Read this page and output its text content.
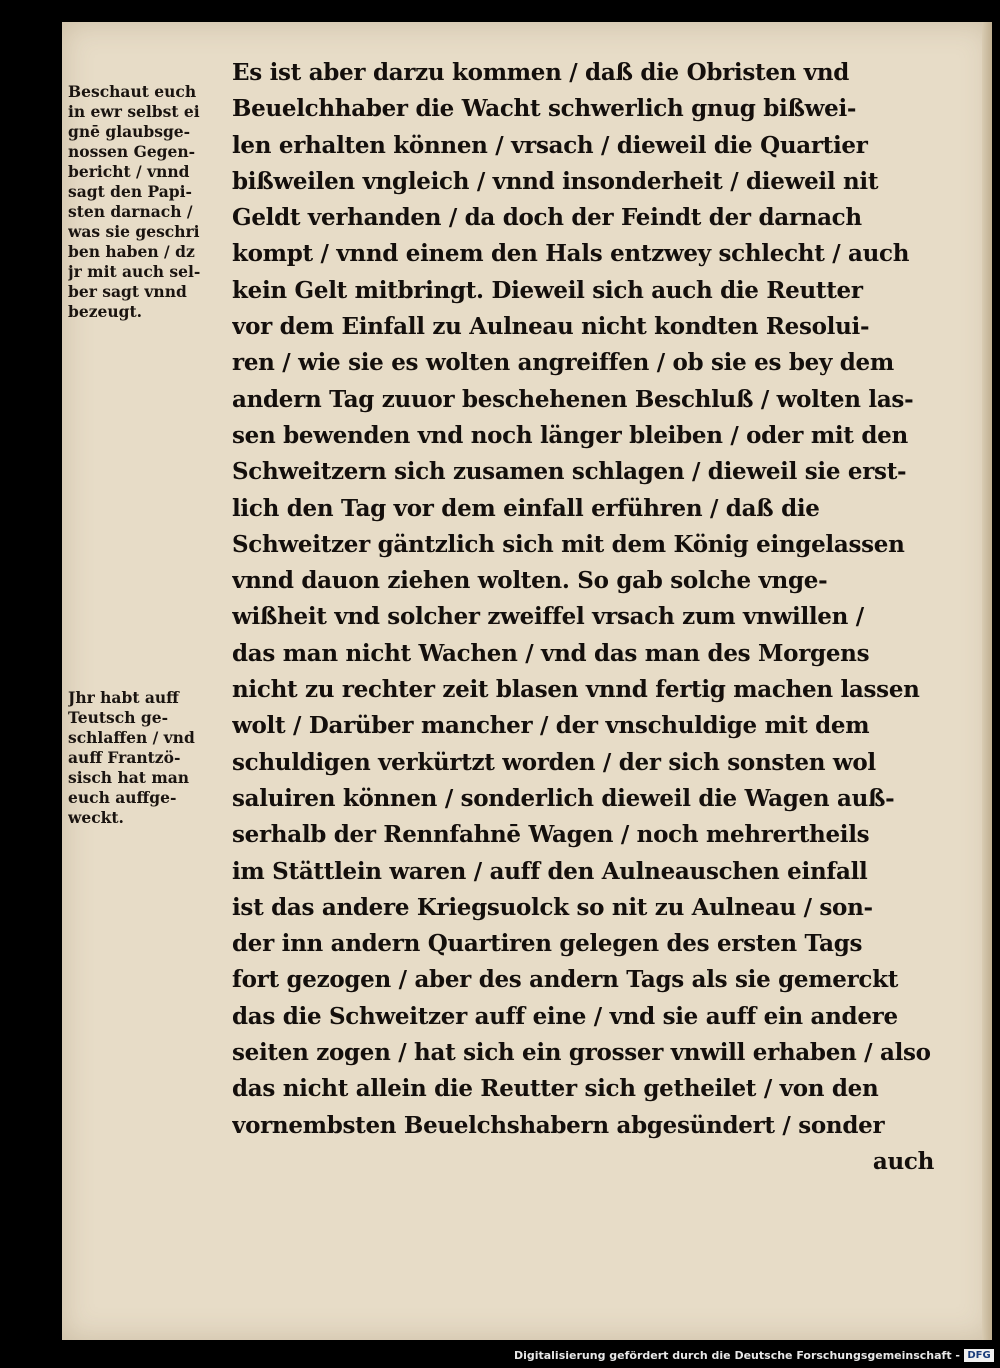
Beschaut euch
in ewr selbst ei
gnē glaubsge-
nossen Gegen-
bericht / vnnd
sagt den Papi-
sten darnach /
was sie geschri
ben haben / dz
jr mit auch sel-
ber sagt vnnd
bezeugt.
Jhr habt auff
Teutsch ge-
schlaffen / vnd
auff Frantzö-
sisch hat man
euch auffge-
weckt.
Es ist aber darzu kommen / daß die Obristen vnd
Beuelchhaber die Wacht schwerlich gnug bißwei-
len erhalten können / vrsach / dieweil die Quartier
bißweilen vngleich / vnnd insonderheit / dieweil nit
Geldt verhanden / da doch der Feindt der darnach
kompt / vnnd einem den Hals entzwey schlecht / auch
kein Gelt mitbringt. Dieweil sich auch die Reutter
vor dem Einfall zu Aulneau nicht kondten Resolui-
ren / wie sie es wolten angreiffen / ob sie es bey dem
andern Tag zuuor beschehenen Beschluß / wolten las-
sen bewenden vnd noch länger bleiben / oder mit den
Schweitzern sich zusamen schlagen / dieweil sie erst-
lich den Tag vor dem einfall erführen / daß die
Schweitzer gäntzlich sich mit dem König eingelassen
vnnd dauon ziehen wolten. So gab solche vnge-
wißheit vnd solcher zweiffel vrsach zum vnwillen /
das man nicht Wachen / vnd das man des Morgens
nicht zu rechter zeit blasen vnnd fertig machen lassen
wolt / Darüber mancher / der vnschuldige mit dem
schuldigen verkürtzt worden / der sich sonsten wol
saluiren können / sonderlich dieweil die Wagen auß-
serhalb der Rennfahnē Wagen / noch mehrertheils
im Stättlein waren / auff den Aulneauschen einfall
ist das andere Kriegsuolck so nit zu Aulneau / son-
der inn andern Quartiren gelegen des ersten Tags
fort gezogen / aber des andern Tags als sie gemerckt
das die Schweitzer auff eine / vnd sie auff ein andere
seiten zogen / hat sich ein grosser vnwill erhaben / also
das nicht allein die Reutter sich getheilet / von den
vornembsten Beuelchshabern abgesündert / sonder
auch
Digitalisierung gefördert durch die Deutsche Forschungsgemeinschaft - DFG
